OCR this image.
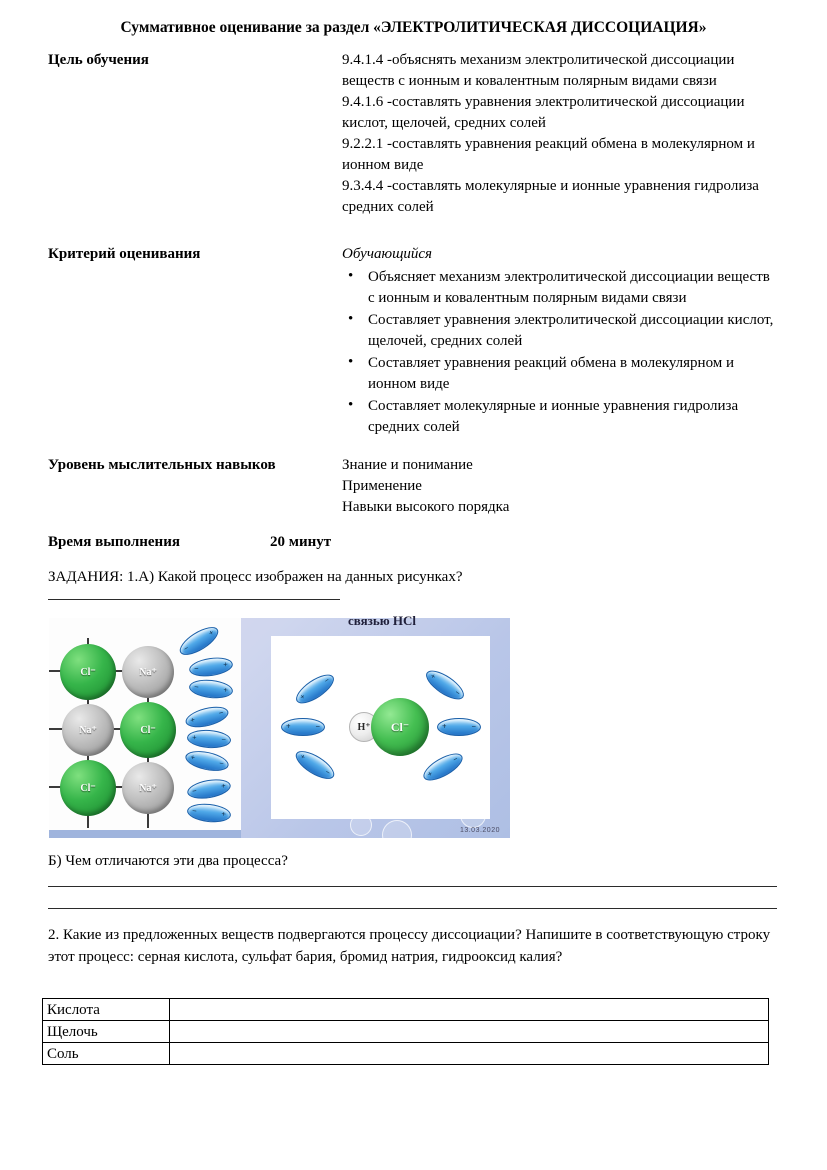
Суммативное оценивание за раздел «ЭЛЕКТРОЛИТИЧЕСКАЯ ДИССОЦИАЦИЯ»
Цель обучения	9.4.1.4 -объяснять механизм электролитической диссоциации веществ с ионным и ковалентным полярным видами связи
9.4.1.6 -составлять уравнения электролитической диссоциации кислот, щелочей, средних солей
9.2.2.1 -составлять уравнения реакций обмена в молекулярном и ионном виде
9.3.4.4 -составлять молекулярные и ионные уравнения гидролиза средних солей
Критерий оценивания	Обучающийся
• Объясняет механизм электролитической диссоциации веществ с ионным и ковалентным полярным видами связи
• Составляет уравнения электролитической диссоциации кислот, щелочей, средних солей
• Составляет уравнения реакций обмена в молекулярном и ионном виде
• Составляет молекулярные и ионные уравнения гидролиза средних солей
Уровень мыслительных навыков	Знание и понимание
Применение
Навыки высокого порядка
Время выполнения	20 минут
ЗАДАНИЯ: 1.А) Какой процесс изображен на данных рисунках?
Cl⁻	Na⁺
Na⁺	Cl⁻
Cl⁻	Na⁺
−
+
−	+
−	+
+
−
+	−
+
−
−
+
−	+
связью HCl
H⁺	Cl⁻
+
−
+	−
+
−
+
−
+	−
+
−
13.03.2020
Б) Чем отличаются эти два процесса?
2. Какие из предложенных веществ подвергаются процессу диссоциации? Напишите в соответствующую строку этот процесс: серная кислота, сульфат бария, бромид натрия, гидрооксид калия?
Кислота	
Щелочь	
Соль	
